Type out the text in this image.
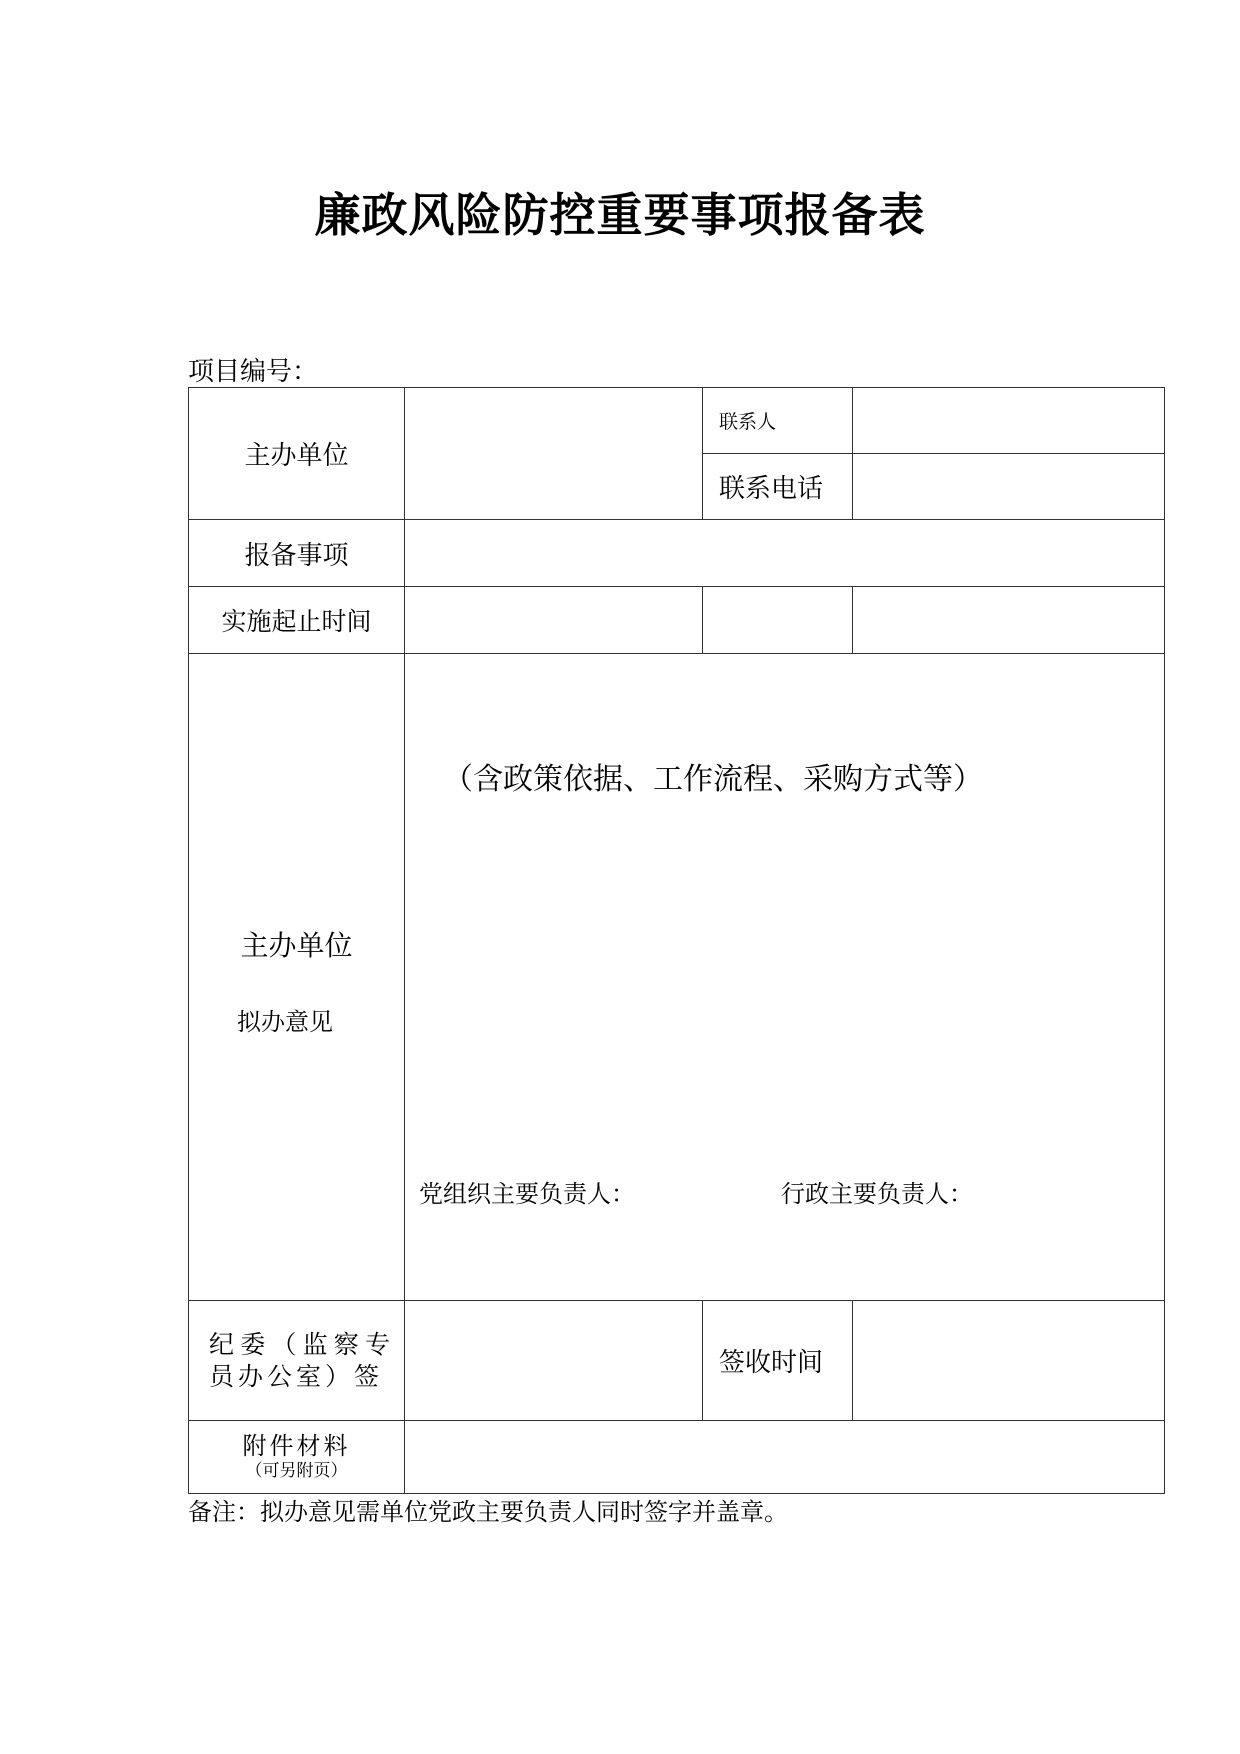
廉政风险防控重要事项报备表
项目编号：
主办单位		联系人	
		联系电话	
报备事项			
实施起止时间			

主办单位
拟办意见	（含政策依据、工作流程、采购方式等）
党组织主要负责人： 行政主要负责人：		

纪委（监察专员办公室）签		签收时间	

附件材料
（可另附页）			

备注：拟办意见需单位党政主要负责人同时签字并盖章。
